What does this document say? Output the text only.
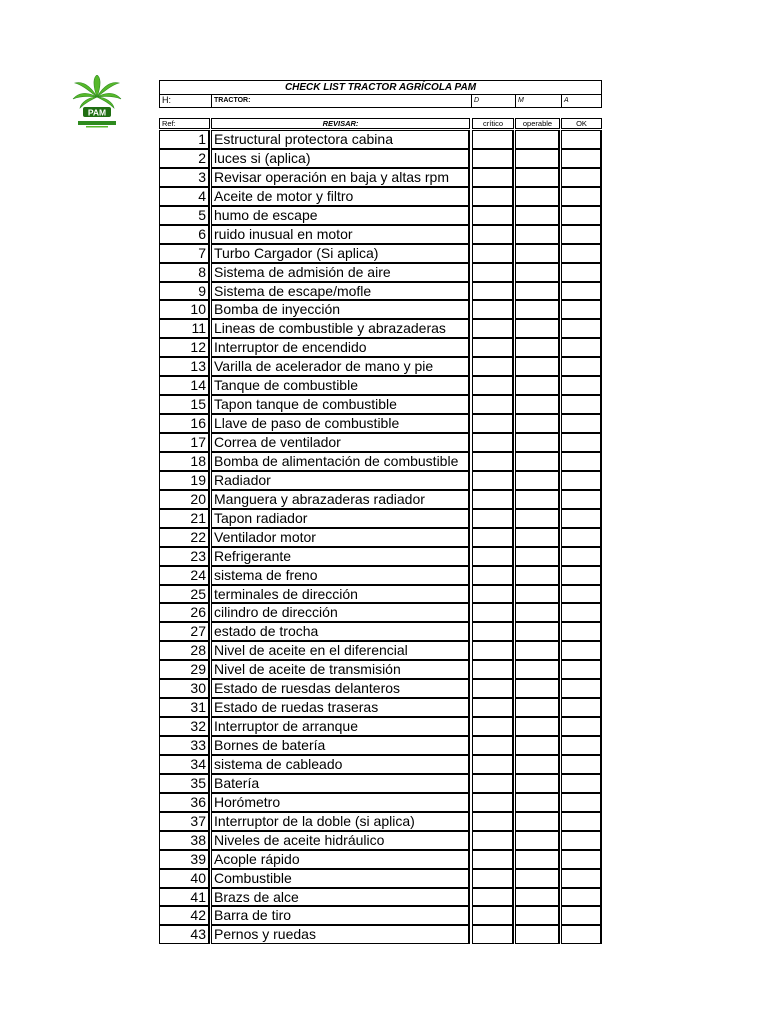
PAM
CHECK LIST TRACTOR AGRÍCOLA PAM
H:	TRACTOR:	D	M	A
Ref:	REVISAR:	crítico	operable	OK
1 Estructural protectora cabina
2 luces si (aplica)
3 Revisar operación en baja y altas rpm
4 Aceite de motor y filtro
5 humo de escape
6 ruido inusual en motor
7 Turbo Cargador (Si aplica)
8 Sistema de admisión de aire
9 Sistema de escape/mofle
10 Bomba de inyección
11 Lineas de combustible y abrazaderas
12 Interruptor de encendido
13 Varilla de acelerador de mano y pie
14 Tanque de combustible
15 Tapon tanque de combustible
16 Llave de paso de combustible
17 Correa de ventilador
18 Bomba de alimentación de combustible
19 Radiador
20 Manguera y abrazaderas radiador
21 Tapon radiador
22 Ventilador motor
23 Refrigerante
24 sistema de freno
25 terminales de dirección
26 cilindro de dirección
27 estado de trocha
28 Nivel de aceite en el diferencial
29 Nivel de aceite de transmisión
30 Estado de ruesdas delanteros
31 Estado de ruedas traseras
32 Interruptor de arranque
33 Bornes de batería
34 sistema de cableado
35 Batería
36 Horómetro
37 Interruptor de la doble (si aplica)
38 Niveles de aceite hidráulico
39 Acople rápido
40 Combustible
41 Brazs de alce
42 Barra de tiro
43 Pernos y ruedas
